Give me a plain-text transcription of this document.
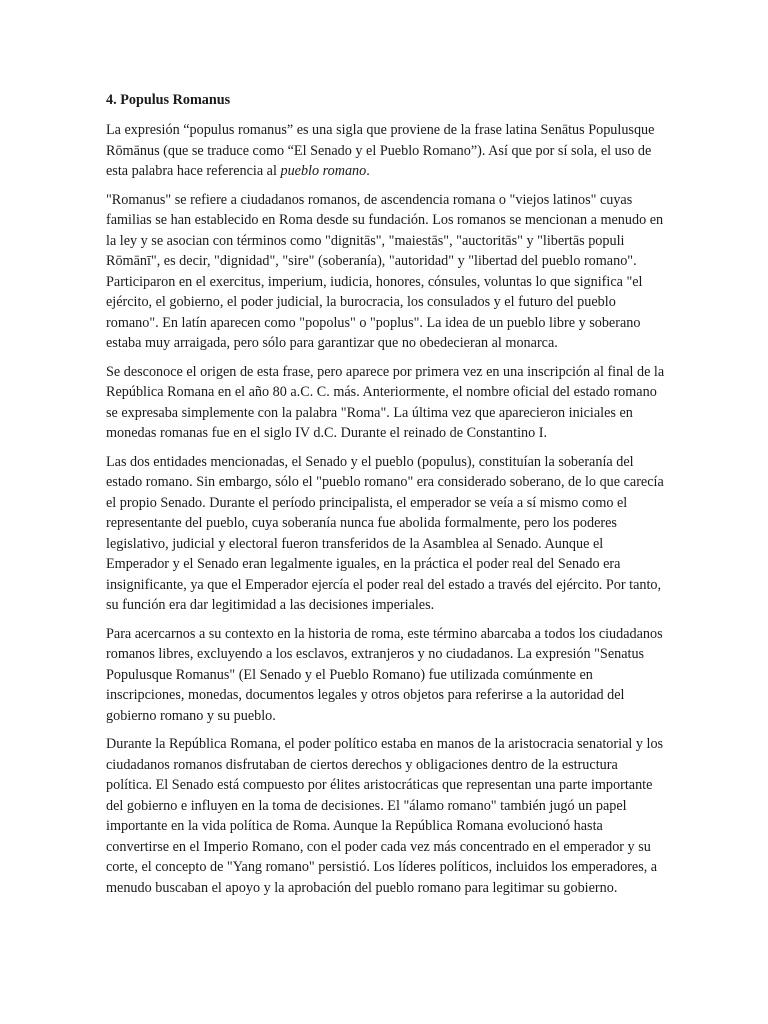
4. Populus Romanus

La expresión “populus romanus” es una sigla que proviene de la frase latina Senātus Populusque Rōmānus (que se traduce como “El Senado y el Pueblo Romano”). Así que por sí sola, el uso de esta palabra hace referencia al pueblo romano.

"Romanus" se refiere a ciudadanos romanos, de ascendencia romana o "viejos latinos" cuyas familias se han establecido en Roma desde su fundación. Los romanos se mencionan a menudo en la ley y se asocian con términos como "dignitās", "maiestās", "auctoritās" y "libertās populi Rōmānī", es decir, "dignidad", "sire" (soberanía), "autoridad" y "libertad del pueblo romano". Participaron en el exercitus, imperium, iudicia, honores, cónsules, voluntas lo que significa "el ejército, el gobierno, el poder judicial, la burocracia, los consulados y el futuro del pueblo romano". En latín aparecen como "popolus" o "poplus". La idea de un pueblo libre y soberano estaba muy arraigada, pero sólo para garantizar que no obedecieran al monarca.

Se desconoce el origen de esta frase, pero aparece por primera vez en una inscripción al final de la República Romana en el año 80 a.C. C. más. Anteriormente, el nombre oficial del estado romano se expresaba simplemente con la palabra "Roma". La última vez que aparecieron iniciales en monedas romanas fue en el siglo IV d.C. Durante el reinado de Constantino I.

Las dos entidades mencionadas, el Senado y el pueblo (populus), constituían la soberanía del estado romano. Sin embargo, sólo el "pueblo romano" era considerado soberano, de lo que carecía el propio Senado. Durante el período principalista, el emperador se veía a sí mismo como el representante del pueblo, cuya soberanía nunca fue abolida formalmente, pero los poderes legislativo, judicial y electoral fueron transferidos de la Asamblea al Senado. Aunque el Emperador y el Senado eran legalmente iguales, en la práctica el poder real del Senado era insignificante, ya que el Emperador ejercía el poder real del estado a través del ejército. Por tanto, su función era dar legitimidad a las decisiones imperiales.

Para acercarnos a su contexto en la historia de roma, este término abarcaba a todos los ciudadanos romanos libres, excluyendo a los esclavos, extranjeros y no ciudadanos. La expresión "Senatus Populusque Romanus" (El Senado y el Pueblo Romano) fue utilizada comúnmente en inscripciones, monedas, documentos legales y otros objetos para referirse a la autoridad del gobierno romano y su pueblo.

Durante la República Romana, el poder político estaba en manos de la aristocracia senatorial y los ciudadanos romanos disfrutaban de ciertos derechos y obligaciones dentro de la estructura política. El Senado está compuesto por élites aristocráticas que representan una parte importante del gobierno e influyen en la toma de decisiones. El "álamo romano" también jugó un papel importante en la vida política de Roma. Aunque la República Romana evolucionó hasta convertirse en el Imperio Romano, con el poder cada vez más concentrado en el emperador y su corte, el concepto de "Yang romano" persistió. Los líderes políticos, incluidos los emperadores, a menudo buscaban el apoyo y la aprobación del pueblo romano para legitimar su gobierno.
